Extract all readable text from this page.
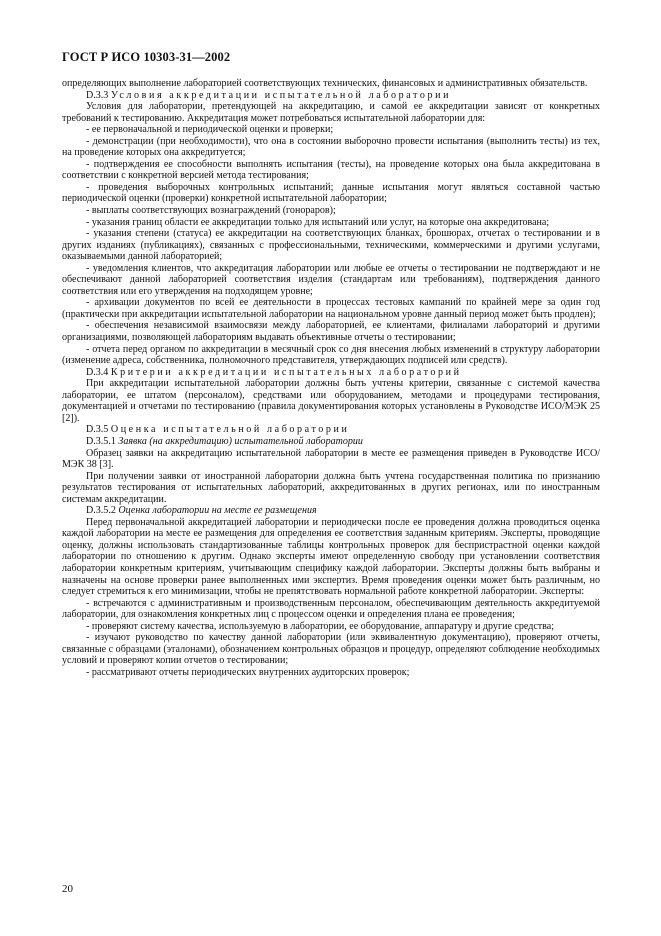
ГОСТ Р ИСО 10303-31—2002

определяющих выполнение лабораторией соответствующих технических, финансовых и административных обязательств.

D.3.3 Условия аккредитации испытательной лаборатории

Условия для лаборатории, претендующей на аккредитацию, и самой ее аккредитации зависят от конкретных требований к тестированию. Аккредитация может потребоваться испытательной лаборатории для:

- ее первоначальной и периодической оценки и проверки;

- демонстрации (при необходимости), что она в состоянии выборочно провести испытания (выполнить тесты) из тех, на проведение которых она аккредитуется;

- подтверждения ее способности выполнять испытания (тесты), на проведение которых она была аккредитована в соответствии с конкретной версией метода тестирования;

- проведения выборочных контрольных испытаний; данные испытания могут являться составной частью периодической оценки (проверки) конкретной испытательной лаборатории;

- выплаты соответствующих вознаграждений (гонораров);

- указания границ области ее аккредитации только для испытаний или услуг, на которые она аккредитована;

- указания степени (статуса) ее аккредитации на соответствующих бланках, брошюрах, отчетах о тестировании и в других изданиях (публикациях), связанных с профессиональными, техническими, коммерческими и другими услугами, оказываемыми данной лабораторией;

- уведомления клиентов, что аккредитация лаборатории или любые ее отчеты о тестировании не подтверждают и не обеспечивают данной лабораторией соответствия изделия (стандартам или требованиям), подтверждения данного соответствия или его утверждения на подходящем уровне;

- архивации документов по всей ее деятельности в процессах тестовых кампаний по крайней мере за один год (практически при аккредитации испытательной лаборатории на национальном уровне данный период может быть продлен);

- обеспечения независимой взаимосвязи между лабораторией, ее клиентами, филиалами лабораторий и другими организациями, позволяющей лабораториям выдавать объективные отчеты о тестировании;

- отчета перед органом по аккредитации в месячный срок со дня внесения любых изменений в структуру лаборатории (изменение адреса, собственника, полномочного представителя, утверждающих подписей или средств).

D.3.4 Критерии аккредитации испытательных лабораторий

При аккредитации испытательной лаборатории должны быть учтены критерии, связанные с системой качества лаборатории, ее штатом (персоналом), средствами или оборудованием, методами и процедурами тестирования, документацией и отчетами по тестированию (правила документирования которых установлены в Руководстве ИСО/МЭК 25 [2]).

D.3.5 Оценка испытательной лаборатории

D.3.5.1 Заявка (на аккредитацию) испытательной лаборатории

Образец заявки на аккредитацию испытательной лаборатории в месте ее размещения приведен в Руководстве ИСО/МЭК 38 [3].

При получении заявки от иностранной лаборатории должна быть учтена государственная политика по признанию результатов тестирования от испытательных лабораторий, аккредитованных в других регионах, или по иностранным системам аккредитации.

D.3.5.2 Оценка лаборатории на месте ее размещения

Перед первоначальной аккредитацией лаборатории и периодически после ее проведения должна проводиться оценка каждой лаборатории на месте ее размещения для определения ее соответствия заданным критериям. Эксперты, проводящие оценку, должны использовать стандартизованные таблицы контрольных проверок для беспристрастной оценки каждой лаборатории по отношению к другим. Однако эксперты имеют определенную свободу при установлении соответствия лаборатории конкретным критериям, учитывающим специфику каждой лаборатории. Эксперты должны быть выбраны и назначены на основе проверки ранее выполненных ими экспертиз. Время проведения оценки может быть различным, но следует стремиться к его минимизации, чтобы не препятствовать нормальной работе конкретной лаборатории. Эксперты:

- встречаются с административным и производственным персоналом, обеспечивающим деятельность аккредитуемой лаборатории, для ознакомления конкретных лиц с процессом оценки и определения плана ее проведения;

- проверяют систему качества, используемую в лаборатории, ее оборудование, аппаратуру и другие средства;

- изучают руководство по качеству данной лаборатории (или эквивалентную документацию), проверяют отчеты, связанные с образцами (эталонами), обозначением контрольных образцов и процедур, определяют соблюдение необходимых условий и проверяют копии отчетов о тестировании;

- рассматривают отчеты периодических внутренних аудиторских проверок;

20
